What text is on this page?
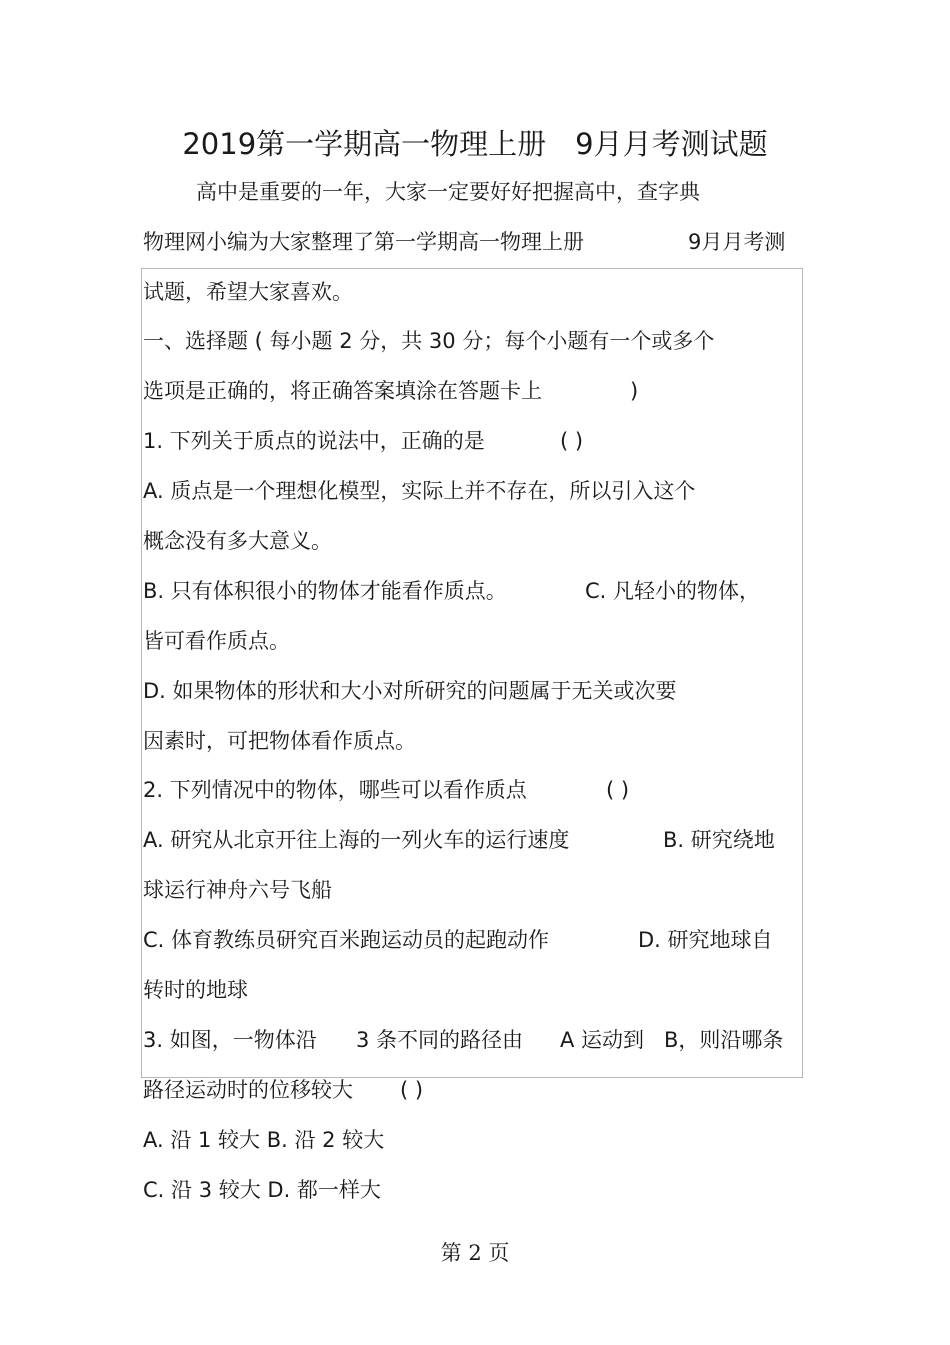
2019第一学期高一物理上册　9月月考测试题
高中是重要的一年，大家一定要好好把握高中，查字典
物理网小编为大家整理了第一学期高一物理上册	9月月考测
试题，希望大家喜欢。
一、选择题 ( 每小题 2 分，共 30 分；每个小题有一个或多个
选项是正确的，将正确答案填涂在答题卡上	)
1. 下列关于质点的说法中，正确的是	( )
A. 质点是一个理想化模型，实际上并不存在，所以引入这个
概念没有多大意义。
B. 只有体积很小的物体才能看作质点。	C. 凡轻小的物体，
皆可看作质点。
D. 如果物体的形状和大小对所研究的问题属于无关或次要
因素时，可把物体看作质点。
2. 下列情况中的物体，哪些可以看作质点	( )
A. 研究从北京开往上海的一列火车的运行速度	B. 研究绕地
球运行神舟六号飞船
C. 体育教练员研究百米跑运动员的起跑动作	D. 研究地球自
转时的地球
3. 如图，一物体沿 3 条不同的路径由 A 运动到 B，则沿哪条
路径运动时的位移较大 ( )
A. 沿 1 较大 B. 沿 2 较大
C. 沿 3 较大 D. 都一样大
第 2 页
